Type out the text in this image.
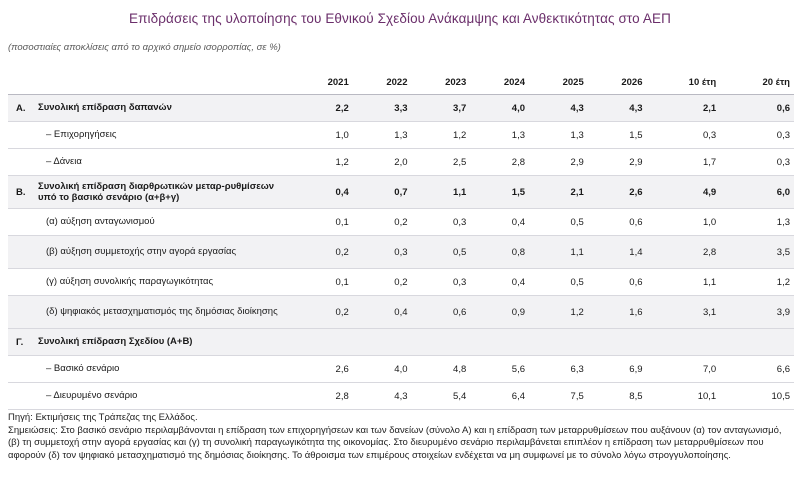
Επιδράσεις της υλοποίησης του Εθνικού Σχεδίου Ανάκαμψης και Ανθεκτικότητας στο ΑΕΠ
(ποσοστιαίες αποκλίσεις από το αρχικό σημείο ισορροπίας, σε %)
		2021	2022	2023	2024	2025	2026	10 έτη	20 έτη
Α.	Συνολική επίδραση δαπανών	2,2	3,3	3,7	4,0	4,3	4,3	2,1	0,6
	– Επιχορηγήσεις	1,0	1,3	1,2	1,3	1,3	1,5	0,3	0,3
	– Δάνεια	1,2	2,0	2,5	2,8	2,9	2,9	1,7	0,3
Β.	Συνολική επίδραση διαρθρωτικών μεταρ-ρυθμίσεων υπό το βασικό σενάριο (α+β+γ)	0,4	0,7	1,1	1,5	2,1	2,6	4,9	6,0
	(α) αύξηση ανταγωνισμού	0,1	0,2	0,3	0,4	0,5	0,6	1,0	1,3
	(β) αύξηση συμμετοχής στην αγορά εργασίας	0,2	0,3	0,5	0,8	1,1	1,4	2,8	3,5
	(γ) αύξηση συνολικής παραγωγικότητας	0,1	0,2	0,3	0,4	0,5	0,6	1,1	1,2
	(δ) ψηφιακός μετασχηματισμός της δημόσιας διοίκησης	0,2	0,4	0,6	0,9	1,2	1,6	3,1	3,9
Γ.	Συνολική επίδραση Σχεδίου (Α+Β)								
	– Βασικό σενάριο	2,6	4,0	4,8	5,6	6,3	6,9	7,0	6,6
	– Διευρυμένο σενάριο	2,8	4,3	5,4	6,4	7,5	8,5	10,1	10,5

Πηγή: Εκτιμήσεις της Τράπεζας της Ελλάδος.

Σημειώσεις: Στο βασικό σενάριο περιλαμβάνονται η επίδραση των επιχορηγήσεων και των δανείων (σύνολο Α) και η επίδραση των μεταρρυθμίσεων που αυξάνουν (α) τον ανταγωνισμό, (β) τη συμμετοχή στην αγορά εργασίας και (γ) τη συνολική παραγωγικότητα της οικονομίας. Στο διευρυμένο σενάριο περιλαμβάνεται επιπλέον η επίδραση των μεταρρυθμίσεων που αφορούν (δ) τον ψηφιακό μετασχηματισμό της δημόσιας διοίκησης. Το άθροισμα των επιμέρους στοιχείων ενδέχεται να μη συμφωνεί με το σύνολο λόγω στρογγυλοποίησης.
